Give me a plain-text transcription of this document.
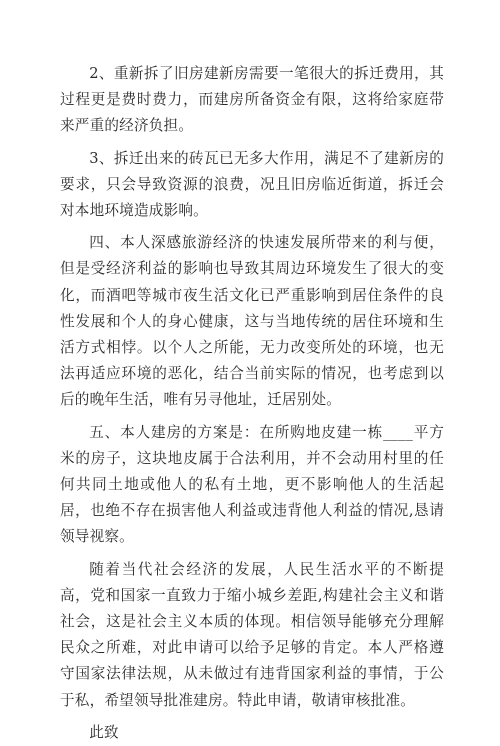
2、重新拆了旧房建新房需要一笔很大的拆迁费用，其过程更是费时费力，而建房所备资金有限，这将给家庭带来严重的经济负担。

3、拆迁出来的砖瓦已无多大作用，满足不了建新房的要求，只会导致资源的浪费，况且旧房临近街道，拆迁会对本地环境造成影响。

四、本人深感旅游经济的快速发展所带来的利与便，但是受经济利益的影响也导致其周边环境发生了很大的变化，而酒吧等城市夜生活文化已严重影响到居住条件的良性发展和个人的身心健康，这与当地传统的居住环境和生活方式相悖。以个人之所能，无力改变所处的环境，也无法再适应环境的恶化，结合当前实际的情况，也考虑到以后的晚年生活，唯有另寻他址，迁居别处。

五、本人建房的方案是：在所购地皮建一栋____平方米的房子，这块地皮属于合法利用，并不会动用村里的任何共同土地或他人的私有土地，更不影响他人的生活起居，也绝不存在损害他人利益或违背他人利益的情况,恳请领导视察。

随着当代社会经济的发展，人民生活水平的不断提高，党和国家一直致力于缩小城乡差距,构建社会主义和谐社会，这是社会主义本质的体现。相信领导能够充分理解民众之所难，对此申请可以给予足够的肯定。本人严格遵守国家法律法规，从未做过有违背国家利益的事情，于公于私，希望领导批准建房。特此申请，敬请审核批准。

此致
